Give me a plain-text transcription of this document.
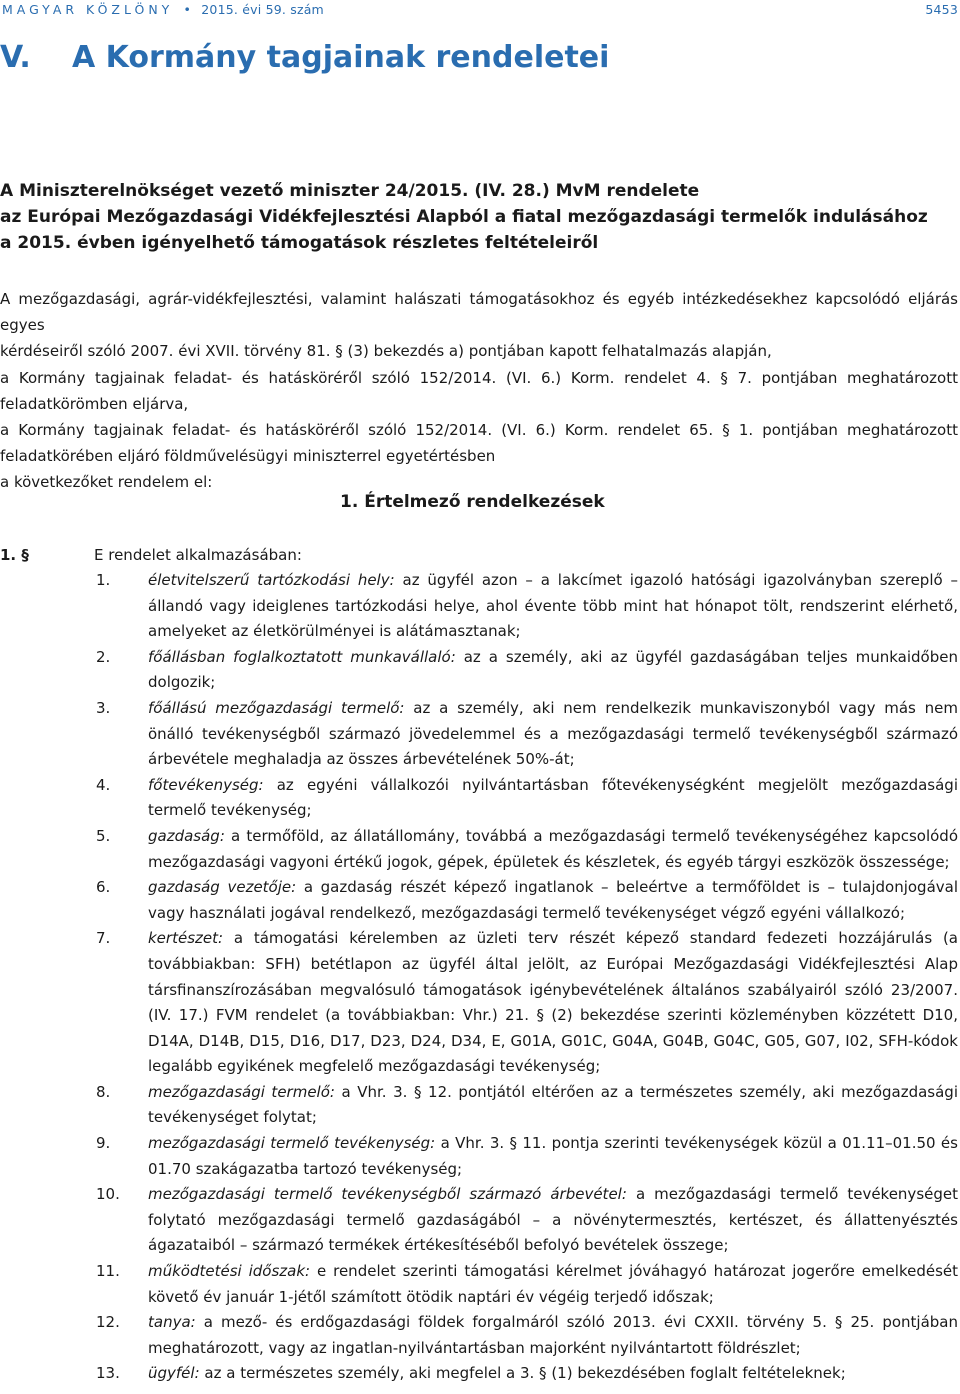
MAGYAR KÖZLÖNY • 2015. évi 59. szám	5453
V. A Kormány tagjainak rendeletei
A Miniszterelnökséget vezető miniszter 24/2015. (IV. 28.) MvM rendelete
az Európai Mezőgazdasági Vidékfejlesztési Alapból a fiatal mezőgazdasági termelők indulásához
a 2015. évben igényelhető támogatások részletes feltételeiről

A mezőgazdasági, agrár-vidékfejlesztési, valamint halászati támogatásokhoz és egyéb intézkedésekhez kapcsolódó eljárás egyes

kérdéseiről szóló 2007. évi XVII. törvény 81. § (3) bekezdés a) pontjában kapott felhatalmazás alapján,

a Kormány tagjainak feladat- és hatásköréről szóló 152/2014. (VI. 6.) Korm. rendelet 4. § 7. pontjában meghatározott

feladatkörömben eljárva,

a Kormány tagjainak feladat- és hatásköréről szóló 152/2014. (VI. 6.) Korm. rendelet 65. § 1. pontjában meghatározott

feladatkörében eljáró földművelésügyi miniszterrel egyetértésben

a következőket rendelem el:

1. Értelmező rendelkezések
1. §	E rendelet alkalmazásában:
1.	életvitelszerű tartózkodási hely: az ügyfél azon – a lakcímet igazoló hatósági igazolványban szereplő – állandó vagy ideiglenes tartózkodási helye, ahol évente több mint hat hónapot tölt, rendszerint elérhető, amelyeket az életkörülményei is alátámasztanak;
2.	főállásban foglalkoztatott munkavállaló: az a személy, aki az ügyfél gazdaságában teljes munkaidőben dolgozik;
3.	főállású mezőgazdasági termelő: az a személy, aki nem rendelkezik munkaviszonyból vagy más nem önálló tevékenységből származó jövedelemmel és a mezőgazdasági termelő tevékenységből származó árbevétele meghaladja az összes árbevételének 50%-át;
4.	főtevékenység: az egyéni vállalkozói nyilvántartásban főtevékenységként megjelölt mezőgazdasági termelő tevékenység;
5.	gazdaság: a termőföld, az állatállomány, továbbá a mezőgazdasági termelő tevékenységéhez kapcsolódó mezőgazdasági vagyoni értékű jogok, gépek, épületek és készletek, és egyéb tárgyi eszközök összessége;
6.	gazdaság vezetője: a gazdaság részét képező ingatlanok – beleértve a termőföldet is – tulajdonjogával vagy használati jogával rendelkező, mezőgazdasági termelő tevékenységet végző egyéni vállalkozó;
7.	kertészet: a támogatási kérelemben az üzleti terv részét képező standard fedezeti hozzájárulás (a továbbiakban: SFH) betétlapon az ügyfél által jelölt, az Európai Mezőgazdasági Vidékfejlesztési Alap társfinanszírozásában megvalósuló támogatások igénybevételének általános szabályairól szóló 23/2007. (IV. 17.) FVM rendelet (a továbbiakban: Vhr.) 21. § (2) bekezdése szerinti közleményben közzétett D10, D14A, D14B, D15, D16, D17, D23, D24, D34, E, G01A, G01C, G04A, G04B, G04C, G05, G07, I02, SFH-kódok legalább egyikének megfelelő mezőgazdasági tevékenység;
8.	mezőgazdasági termelő: a Vhr. 3. § 12. pontjától eltérően az a természetes személy, aki mezőgazdasági tevékenységet folytat;
9.	mezőgazdasági termelő tevékenység: a Vhr. 3. § 11. pontja szerinti tevékenységek közül a 01.11–01.50 és 01.70 szakágazatba tartozó tevékenység;
10.	mezőgazdasági termelő tevékenységből származó árbevétel: a mezőgazdasági termelő tevékenységet folytató mezőgazdasági termelő gazdaságából – a növénytermesztés, kertészet, és állattenyésztés ágazataiból – származó termékek értékesítéséből befolyó bevételek összege;
11.	működtetési időszak: e rendelet szerinti támogatási kérelmet jóváhagyó határozat jogerőre emelkedését követő év január 1-jétől számított ötödik naptári év végéig terjedő időszak;
12.	tanya: a mező- és erdőgazdasági földek forgalmáról szóló 2013. évi CXXII. törvény 5. § 25. pontjában meghatározott, vagy az ingatlan-nyilvántartásban majorként nyilvántartott földrészlet;
13.	ügyfél: az a természetes személy, aki megfelel a 3. § (1) bekezdésében foglalt feltételeknek;
